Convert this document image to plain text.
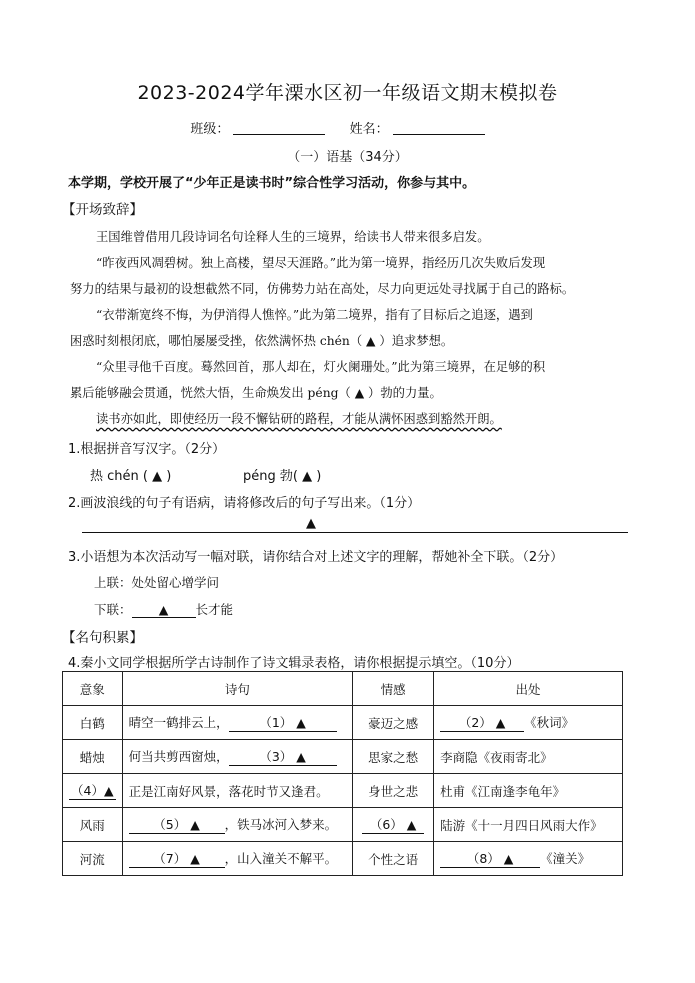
2023-2024学年溧水区初一年级语文期末模拟卷
班级：	姓名：
（一）语基（34分）
本学期，学校开展了“少年正是读书时”综合性学习活动，你参与其中。
【开场致辞】
王国维曾借用几段诗词名句诠释人生的三境界，给读书人带来很多启发。
“昨夜西风凋碧树。独上高楼，望尽天涯路。”此为第一境界，指经历几次失败后发现
努力的结果与最初的设想截然不同，仿佛势力站在高处，尽力向更远处寻找属于自己的路标。
“衣带渐宽终不悔，为伊消得人憔悴。”此为第二境界，指有了目标后之追逐，遇到
困惑时刻根闭底，哪怕屡屡受挫，依然满怀热 chén（ ▲ ）追求梦想。
“众里寻他千百度。蓦然回首，那人却在，灯火阑珊处。”此为第三境界，在足够的积
累后能够融会贯通，恍然大悟，生命焕发出 péng（ ▲ ）勃的力量。
读书亦如此，即使经历一段不懈钻研的路程，才能从满怀困惑到豁然开朗。
1.根据拼音写汉字。（2分）
热 chén ( ▲ )	péng 勃( ▲ )
2.画波浪线的句子有语病，请将修改后的句子写出来。（1分）
▲
3.小语想为本次活动写一幅对联，请你结合对上述文字的理解，帮她补全下联。（2分）
上联：处处留心增学问
下联： ▲ 长才能
【名句积累】
4.秦小文同学根据所学古诗制作了诗文辑录表格，请你根据提示填空。（10分）
意象	诗句	情感	出处
白鹤	晴空一鹤排云上， （1） ▲	豪迈之感	（2） ▲ 《秋词》
蜡烛	何当共剪西窗烛， （3） ▲	思家之愁	李商隐《夜雨寄北》
（4）▲	正是江南好风景，落花时节又逢君。	身世之悲	杜甫《江南逢李龟年》
风雨	（5） ▲ ，铁马冰河入梦来。	（6） ▲	陆游《十一月四日风雨大作》
河流	（7） ▲ ，山入潼关不解平。	个性之语	（8） ▲ 《潼关》
